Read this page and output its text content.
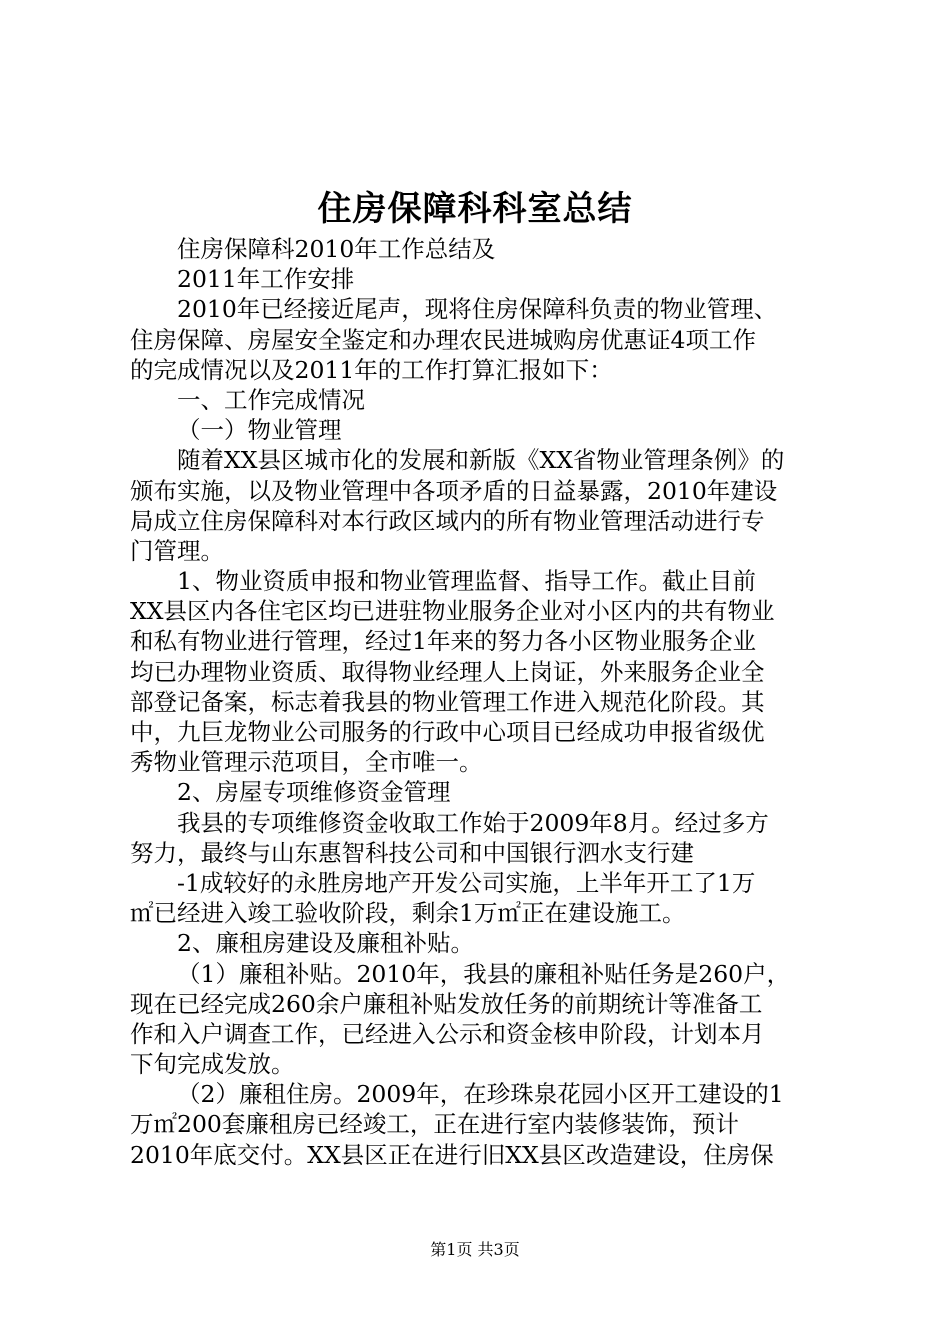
住房保障科科室总结
住房保障科2010年工作总结及
2011年工作安排
2010年已经接近尾声，现将住房保障科负责的物业管理、
住房保障、房屋安全鉴定和办理农民进城购房优惠证4项工作
的完成情况以及2011年的工作打算汇报如下：
一、工作完成情况
（一）物业管理
随着XX县区城市化的发展和新版《XX省物业管理条例》的
颁布实施，以及物业管理中各项矛盾的日益暴露，2010年建设
局成立住房保障科对本行政区域内的所有物业管理活动进行专
门管理。
1、物业资质申报和物业管理监督、指导工作。截止目前
XX县区内各住宅区均已进驻物业服务企业对小区内的共有物业
和私有物业进行管理，经过1年来的努力各小区物业服务企业
均已办理物业资质、取得物业经理人上岗证，外来服务企业全
部登记备案，标志着我县的物业管理工作进入规范化阶段。其
中，九巨龙物业公司服务的行政中心项目已经成功申报省级优
秀物业管理示范项目，全市唯一。
2、房屋专项维修资金管理
我县的专项维修资金收取工作始于2009年8月。经过多方
努力，最终与山东惠智科技公司和中国银行泗水支行建
-1成较好的永胜房地产开发公司实施，上半年开工了1万
㎡已经进入竣工验收阶段，剩余1万㎡正在建设施工。
2、廉租房建设及廉租补贴。
（1）廉租补贴。2010年，我县的廉租补贴任务是260户，
现在已经完成260余户廉租补贴发放任务的前期统计等准备工
作和入户调查工作，已经进入公示和资金核申阶段，计划本月
下旬完成发放。
（2）廉租住房。2009年，在珍珠泉花园小区开工建设的1
万㎡200套廉租房已经竣工，正在进行室内装修装饰，预计
2010年底交付。XX县区正在进行旧XX县区改造建设，住房保
第1页 共3页
